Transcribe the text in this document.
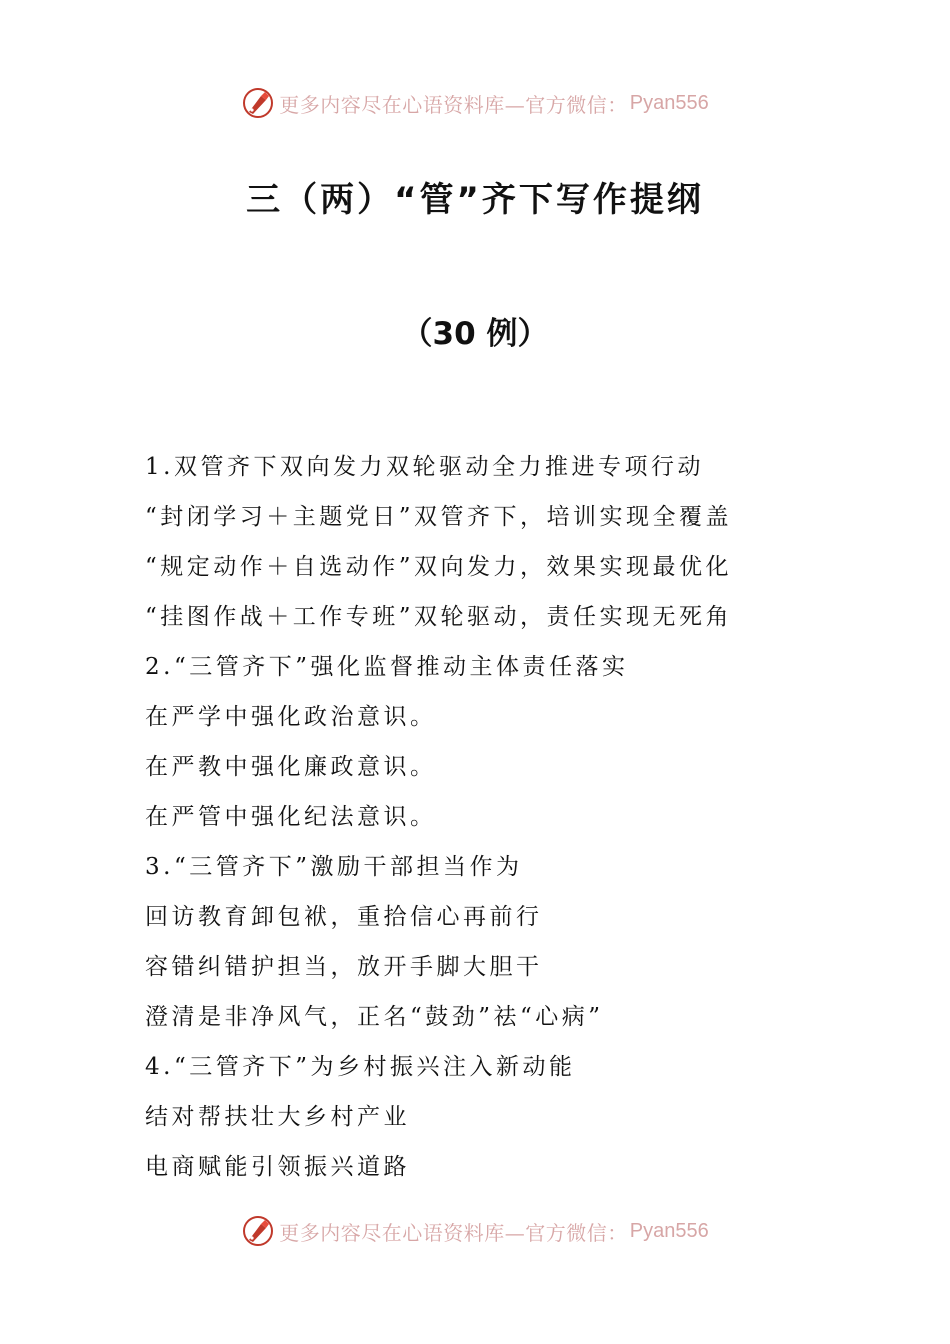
更多内容尽在心语资料库—官方微信： Pyan556
三（两）“管”齐下写作提纲
（30 例）
1.双管齐下双向发力双轮驱动全力推进专项行动
“封闭学习＋主题党日”双管齐下，培训实现全覆盖
“规定动作＋自选动作”双向发力，效果实现最优化
“挂图作战＋工作专班”双轮驱动，责任实现无死角
2.“三管齐下”强化监督推动主体责任落实
在严学中强化政治意识。
在严教中强化廉政意识。
在严管中强化纪法意识。
3.“三管齐下”激励干部担当作为
回访教育卸包袱，重拾信心再前行
容错纠错护担当，放开手脚大胆干
澄清是非净风气，正名“鼓劲”祛“心病”
4.“三管齐下”为乡村振兴注入新动能
结对帮扶壮大乡村产业
电商赋能引领振兴道路
更多内容尽在心语资料库—官方微信： Pyan556
